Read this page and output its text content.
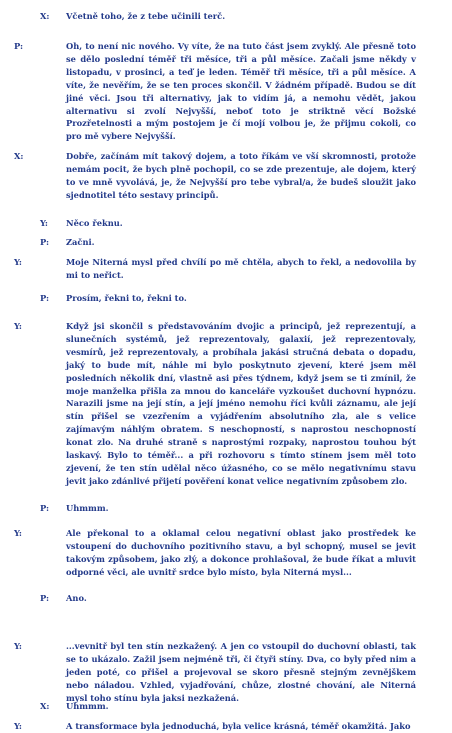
X: Včetně toho, že z tebe učinili terč.

P:	Oh, to není nic nového. Vy víte, že na tuto část jsem zvyklý. Ale přesně toto se dělo poslední téměř tři měsíce, tři a půl měsíce. Začali jsme někdy v listopadu, v prosinci, a teď je leden. Téměř tři měsíce, tři a půl měsíce. A víte, že nevěřím, že se ten proces skončil. V žádném případě. Budou se dít jiné věci. Jsou tři alternativy, jak to vidím já, a nemohu vědět, jakou alternativu si zvolí Nejvyšší, neboť toto je striktně věcí Božské Prozřetelnosti a mým postojem je čí mojí volbou je, že přijmu cokoli, co pro mě vybere Nejvyšší.

X:	Dobře, začínám mít takový dojem, a toto říkám ve vší skromnosti, protože nemám pocit, že bych plně pochopil, co se zde prezentuje, ale dojem, který to ve mně vyvolává, je, že Nejvyšší pro tebe vybral/a, že budeš sloužit jako sjednotitel této sestavy principů.

Y: Něco řeknu.

P: Začni.

Y:	Moje Niterná mysl před chvílí po mě chtěla, abych to řekl, a nedovolila by mi to neřict.

P: Prosím, řekni to, řekni to.

Y:	Když jsi skončil s představováním dvojic a principů, jež reprezentují, a slunečních systémů, jež reprezentovaly, galaxií, jež reprezentovaly, vesmírů, jež reprezentovaly, a probíhala jakási stručná debata o dopadu, jaký to bude mít, náhle mi bylo poskytnuto zjevení, které jsem měl posledních několik dní, vlastně asi přes týdnem, když jsem se ti zmínil, že moje manželka přišla za mnou do kanceláře vyzkoušet duchovní hypnózu. Narazili jsme na její stín, a její jméno nemohu říci kvůli záznamu, ale její stín přišel se vzezřením a vyjádřením absolutního zla, ale s velice zajímavým náhlým obratem. S neschopností, s naprostou neschopností konat zlo. Na druhé straně s naprostými rozpaky, naprostou touhou být laskavý. Bylo to téměř... a při rozhovoru s tímto stínem jsem měl toto zjevení, že ten stín udělal něco úžasného, co se mělo negativnímu stavu jevit jako zdánlivé přijetí pověření konat velice negativním způsobem zlo.

P: Uhmmm.

Y:	Ale překonal to a oklamal celou negativní oblast jako prostředek ke vstoupení do duchovního pozitivního stavu, a byl schopný, musel se jevit takovým způsobem, jako zlý, a dokonce prohlašoval, že bude říkat a mluvit odporné věci, ale uvnitř srdce bylo místo, byla Niterná mysl...

P: Ano.

Y:	...vevnitř byl ten stín nezkažený. A jen co vstoupil do duchovní oblasti, tak se to ukázalo. Zažil jsem nejméně tři, či čtyři stíny. Dva, co byly před nim a jeden poté, co přišel a projevoval se skoro přesně stejným zevnějškem nebo náladou. Vzhled, vyjadřování, chůze, zlostné chování, ale Niterná mysl toho stínu byla jaksi nezkažená.

X: Uhmmm.

Y:	A transformace byla jednoduchá, byla velice krásná, téměř okamžitá. Jako
